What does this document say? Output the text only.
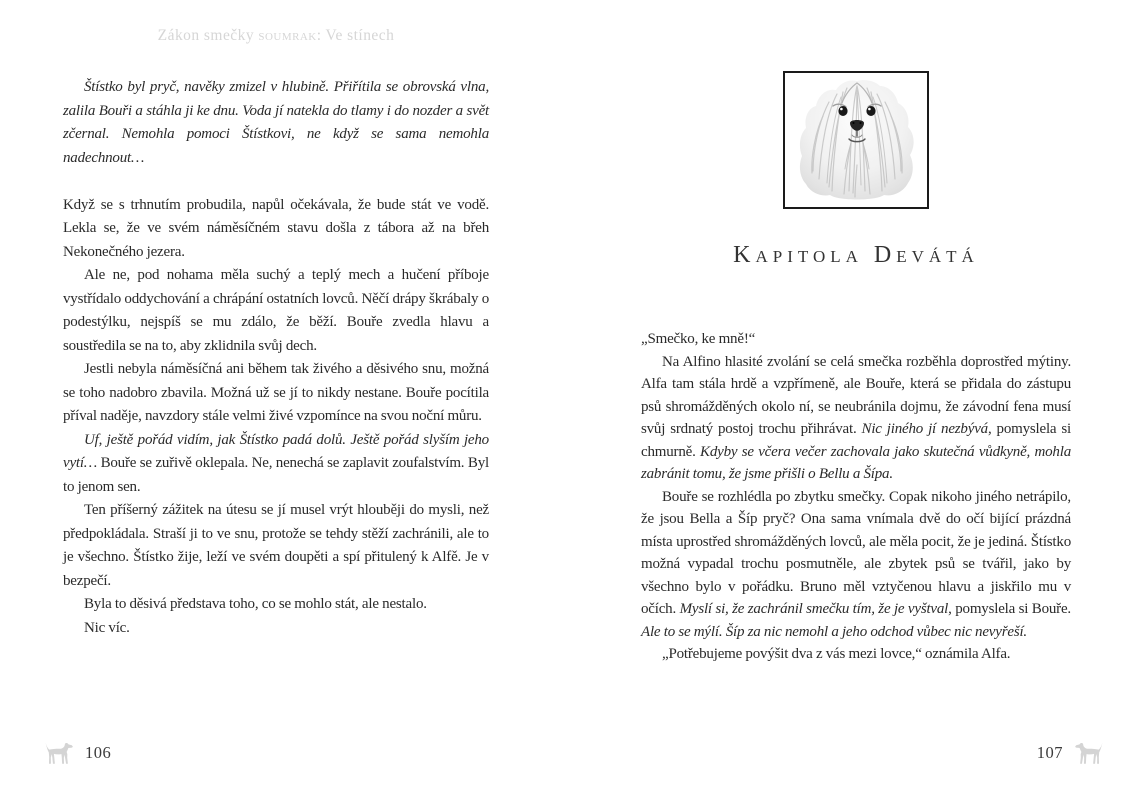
Zákon smečky soumrak: Ve stínech

Štístko byl pryč, navěky zmizel v hlubině. Přiřítila se obrovská vlna, zalila Bouři a stáhla ji ke dnu. Voda jí natekla do tlamy i do nozder a svět zčernal. Nemohla pomoci Štístkovi, ne když se sama nemohla nadechnout…

Když se s trhnutím probudila, napůl očekávala, že bude stát ve vodě. Lekla se, že ve svém náměsíčném stavu došla z tábora až na břeh Nekonečného jezera.

Ale ne, pod nohama měla suchý a teplý mech a hučení příboje vystřídalo oddychování a chrápání ostatních lovců. Něčí drápy škrábaly o podestýlku, nejspíš se mu zdálo, že běží. Bouře zvedla hlavu a soustředila se na to, aby zklidnila svůj dech.

Jestli nebyla náměsíčná ani během tak živého a děsivého snu, možná se toho nadobro zbavila. Možná už se jí to nikdy nestane. Bouře pocítila příval naděje, navzdory stále velmi živé vzpomínce na svou noční můru.

Uf, ještě pořád vidím, jak Štístko padá dolů. Ještě pořád slyším jeho vytí… Bouře se zuřivě oklepala. Ne, nenechá se zaplavit zoufalstvím. Byl to jenom sen.

Ten příšerný zážitek na útesu se jí musel vrýt hlouběji do mysli, než předpokládala. Straší ji to ve snu, protože se tehdy stěží zachránili, ale to je všechno. Štístko žije, leží ve svém doupěti a spí přitulený k Alfě. Je v bezpečí.

Byla to děsivá představa toho, co se mohlo stát, ale nestalo.

Nic víc.

106
Kapitola Devátá

„Smečko, ke mně!“

Na Alfino hlasité zvolání se celá smečka rozběhla doprostřed mýtiny. Alfa tam stála hrdě a vzpřímeně, ale Bouře, která se přidala do zástupu psů shromážděných okolo ní, se neubránila dojmu, že závodní fena musí svůj srdnatý postoj trochu přihrávat. Nic jiného jí nezbývá, pomyslela si chmurně. Kdyby se včera večer zachovala jako skutečná vůdkyně, mohla zabránit tomu, že jsme přišli o Bellu a Šípa.

Bouře se rozhlédla po zbytku smečky. Copak nikoho jiného netrápilo, že jsou Bella a Šíp pryč? Ona sama vnímala dvě do očí bijící prázdná místa uprostřed shromážděných lovců, ale měla pocit, že je jediná. Štístko možná vypadal trochu posmutněle, ale zbytek psů se tvářil, jako by všechno bylo v pořádku. Bruno měl vztyčenou hlavu a jiskřilo mu v očích. Myslí si, že zachránil smečku tím, že je vyštval, pomyslela si Bouře. Ale to se mýlí. Šíp za nic nemohl a jeho odchod vůbec nic nevyřeší.

„Potřebujeme povýšit dva z vás mezi lovce,“ oznámila Alfa.

107
